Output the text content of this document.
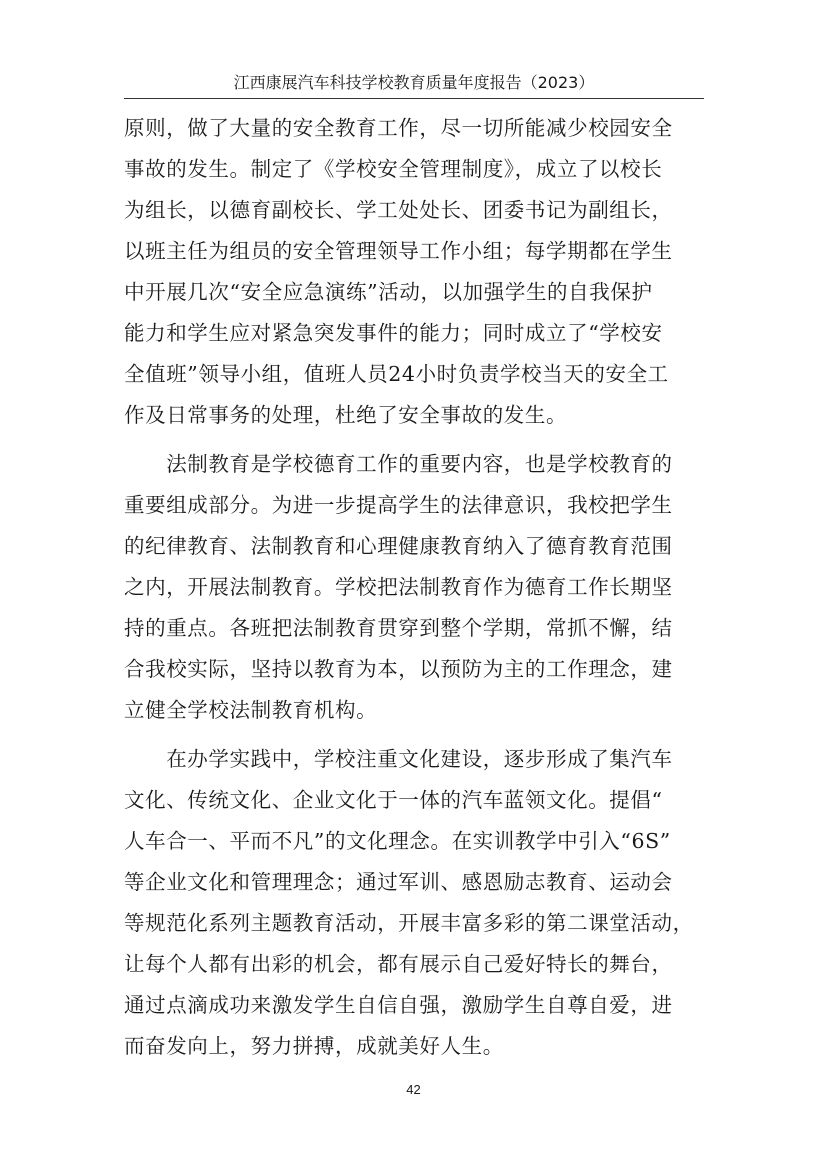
江西康展汽车科技学校教育质量年度报告（2023）
原则，做了大量的安全教育工作，尽一切所能减少校园安全
事故的发生。制定了《学校安全管理制度》，成立了以校长
为组长，以德育副校长、学工处处长、团委书记为副组长，
以班主任为组员的安全管理领导工作小组；每学期都在学生
中开展几次“安全应急演练”活动，以加强学生的自我保护
能力和学生应对紧急突发事件的能力；同时成立了“学校安
全值班”领导小组，值班人员24小时负责学校当天的安全工
作及日常事务的处理，杜绝了安全事故的发生。
　　法制教育是学校德育工作的重要内容，也是学校教育的
重要组成部分。为进一步提高学生的法律意识，我校把学生
的纪律教育、法制教育和心理健康教育纳入了德育教育范围
之内，开展法制教育。学校把法制教育作为德育工作长期坚
持的重点。各班把法制教育贯穿到整个学期，常抓不懈，结
合我校实际，坚持以教育为本，以预防为主的工作理念，建
立健全学校法制教育机构。
　　在办学实践中，学校注重文化建设，逐步形成了集汽车
文化、传统文化、企业文化于一体的汽车蓝领文化。提倡“
人车合一、平而不凡”的文化理念。在实训教学中引入“6S”
等企业文化和管理理念；通过军训、感恩励志教育、运动会
等规范化系列主题教育活动，开展丰富多彩的第二课堂活动，
让每个人都有出彩的机会，都有展示自己爱好特长的舞台，
通过点滴成功来激发学生自信自强，激励学生自尊自爱，进
而奋发向上，努力拼搏，成就美好人生。
42
